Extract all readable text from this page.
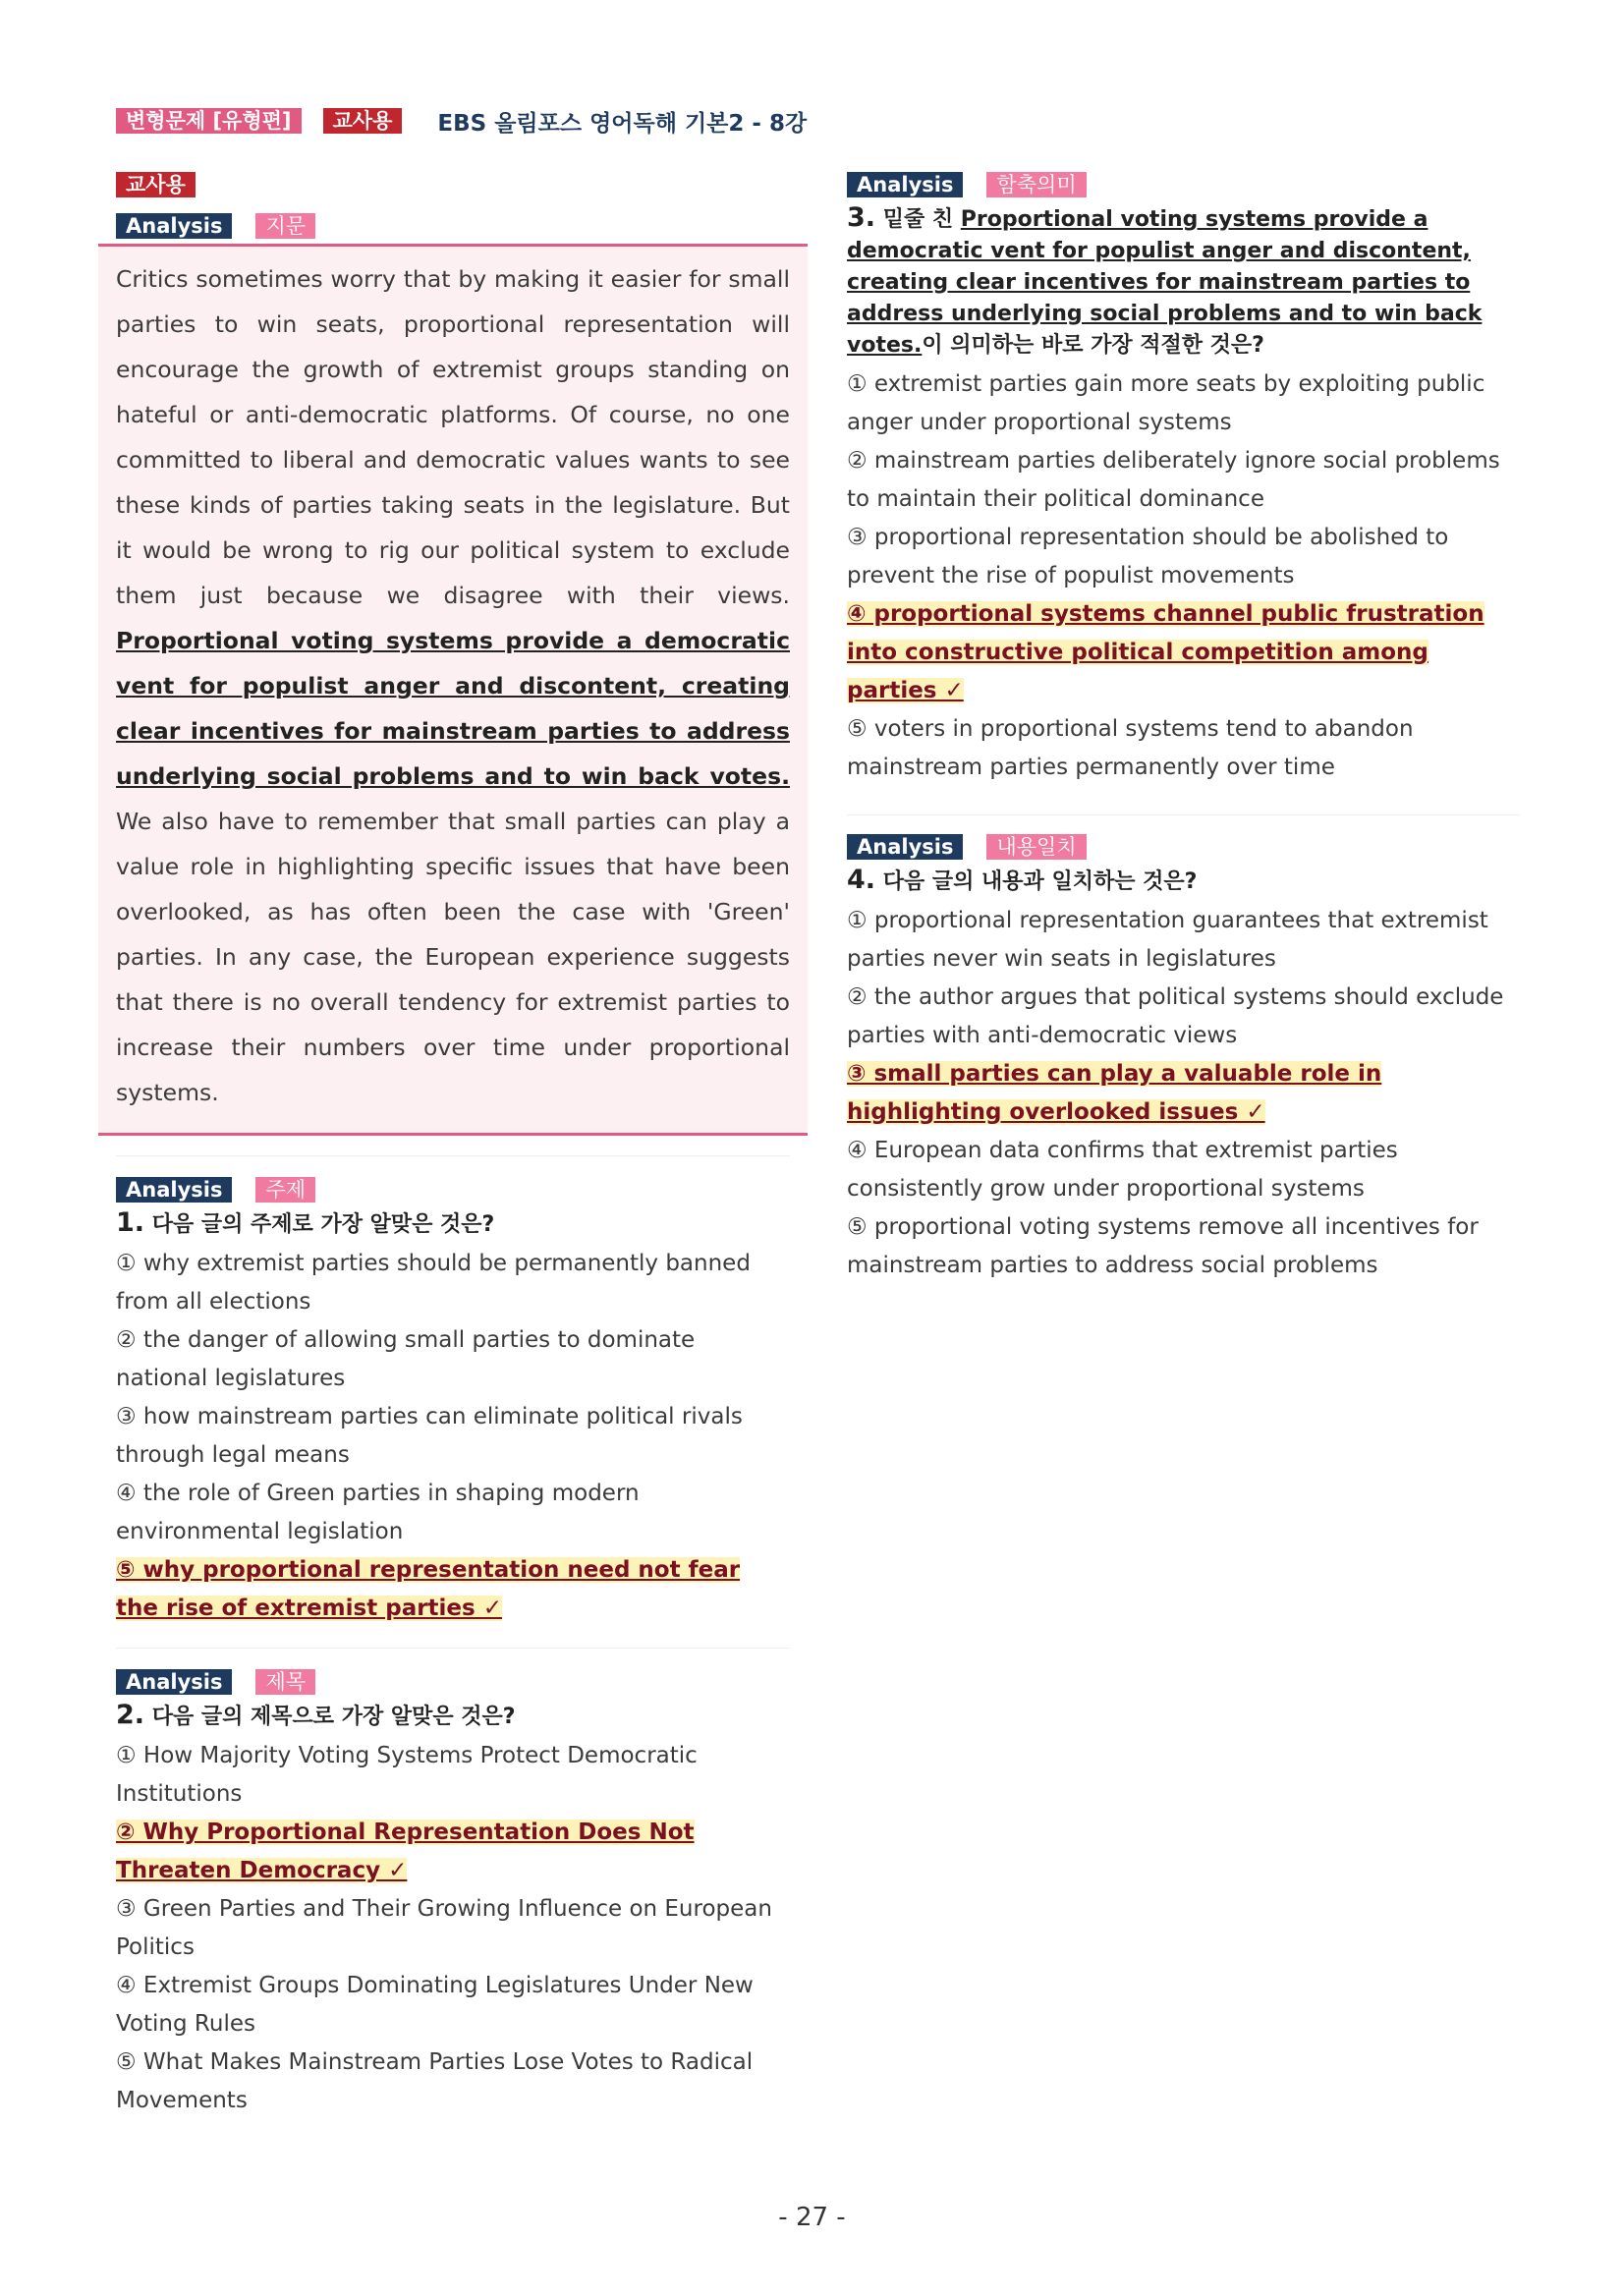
변형문제 [유형편]	교사용	EBS 올림포스 영어독해 기본2 - 8강
교사용
Analysis	지문

Critics sometimes worry that by making it easier for small parties to win seats, proportional representation will encourage the growth of extremist groups standing on hateful or anti-democratic platforms. Of course, no one committed to liberal and democratic values wants to see these kinds of parties taking seats in the legislature. But it would be wrong to rig our political system to exclude them just because we disagree with their views. Proportional voting systems provide a democratic vent for populist anger and discontent, creating clear incentives for mainstream parties to address underlying social problems and to win back votes. We also have to remember that small parties can play a value role in highlighting specific issues that have been overlooked, as has often been the case with 'Green' parties. In any case, the European experience suggests that there is no overall tendency for extremist parties to increase their numbers over time under proportional systems.

Analysis	주제
1. 다음 글의 주제로 가장 알맞은 것은?

① why extremist parties should be permanently banned from all elections

② the danger of allowing small parties to dominate national legislatures

③ how mainstream parties can eliminate political rivals through legal means

④ the role of Green parties in shaping modern environmental legislation

⑤ why proportional representation need not fear the rise of extremist parties ✓

Analysis	제목
2. 다음 글의 제목으로 가장 알맞은 것은?

① How Majority Voting Systems Protect Democratic Institutions

② Why Proportional Representation Does Not Threaten Democracy ✓

③ Green Parties and Their Growing Influence on European Politics

④ Extremist Groups Dominating Legislatures Under New Voting Rules

⑤ What Makes Mainstream Parties Lose Votes to Radical Movements

Analysis	함축의미
3. 밑줄 친 Proportional voting systems provide a democratic vent for populist anger and discontent, creating clear incentives for mainstream parties to address underlying social problems and to win back votes.이 의미하는 바로 가장 적절한 것은?

① extremist parties gain more seats by exploiting public anger under proportional systems

② mainstream parties deliberately ignore social problems to maintain their political dominance

③ proportional representation should be abolished to prevent the rise of populist movements

④ proportional systems channel public frustration into constructive political competition among parties ✓

⑤ voters in proportional systems tend to abandon mainstream parties permanently over time

Analysis	내용일치
4. 다음 글의 내용과 일치하는 것은?

① proportional representation guarantees that extremist parties never win seats in legislatures

② the author argues that political systems should exclude parties with anti-democratic views

③ small parties can play a valuable role in highlighting overlooked issues ✓

④ European data confirms that extremist parties consistently grow under proportional systems

⑤ proportional voting systems remove all incentives for mainstream parties to address social problems

- 27 -
